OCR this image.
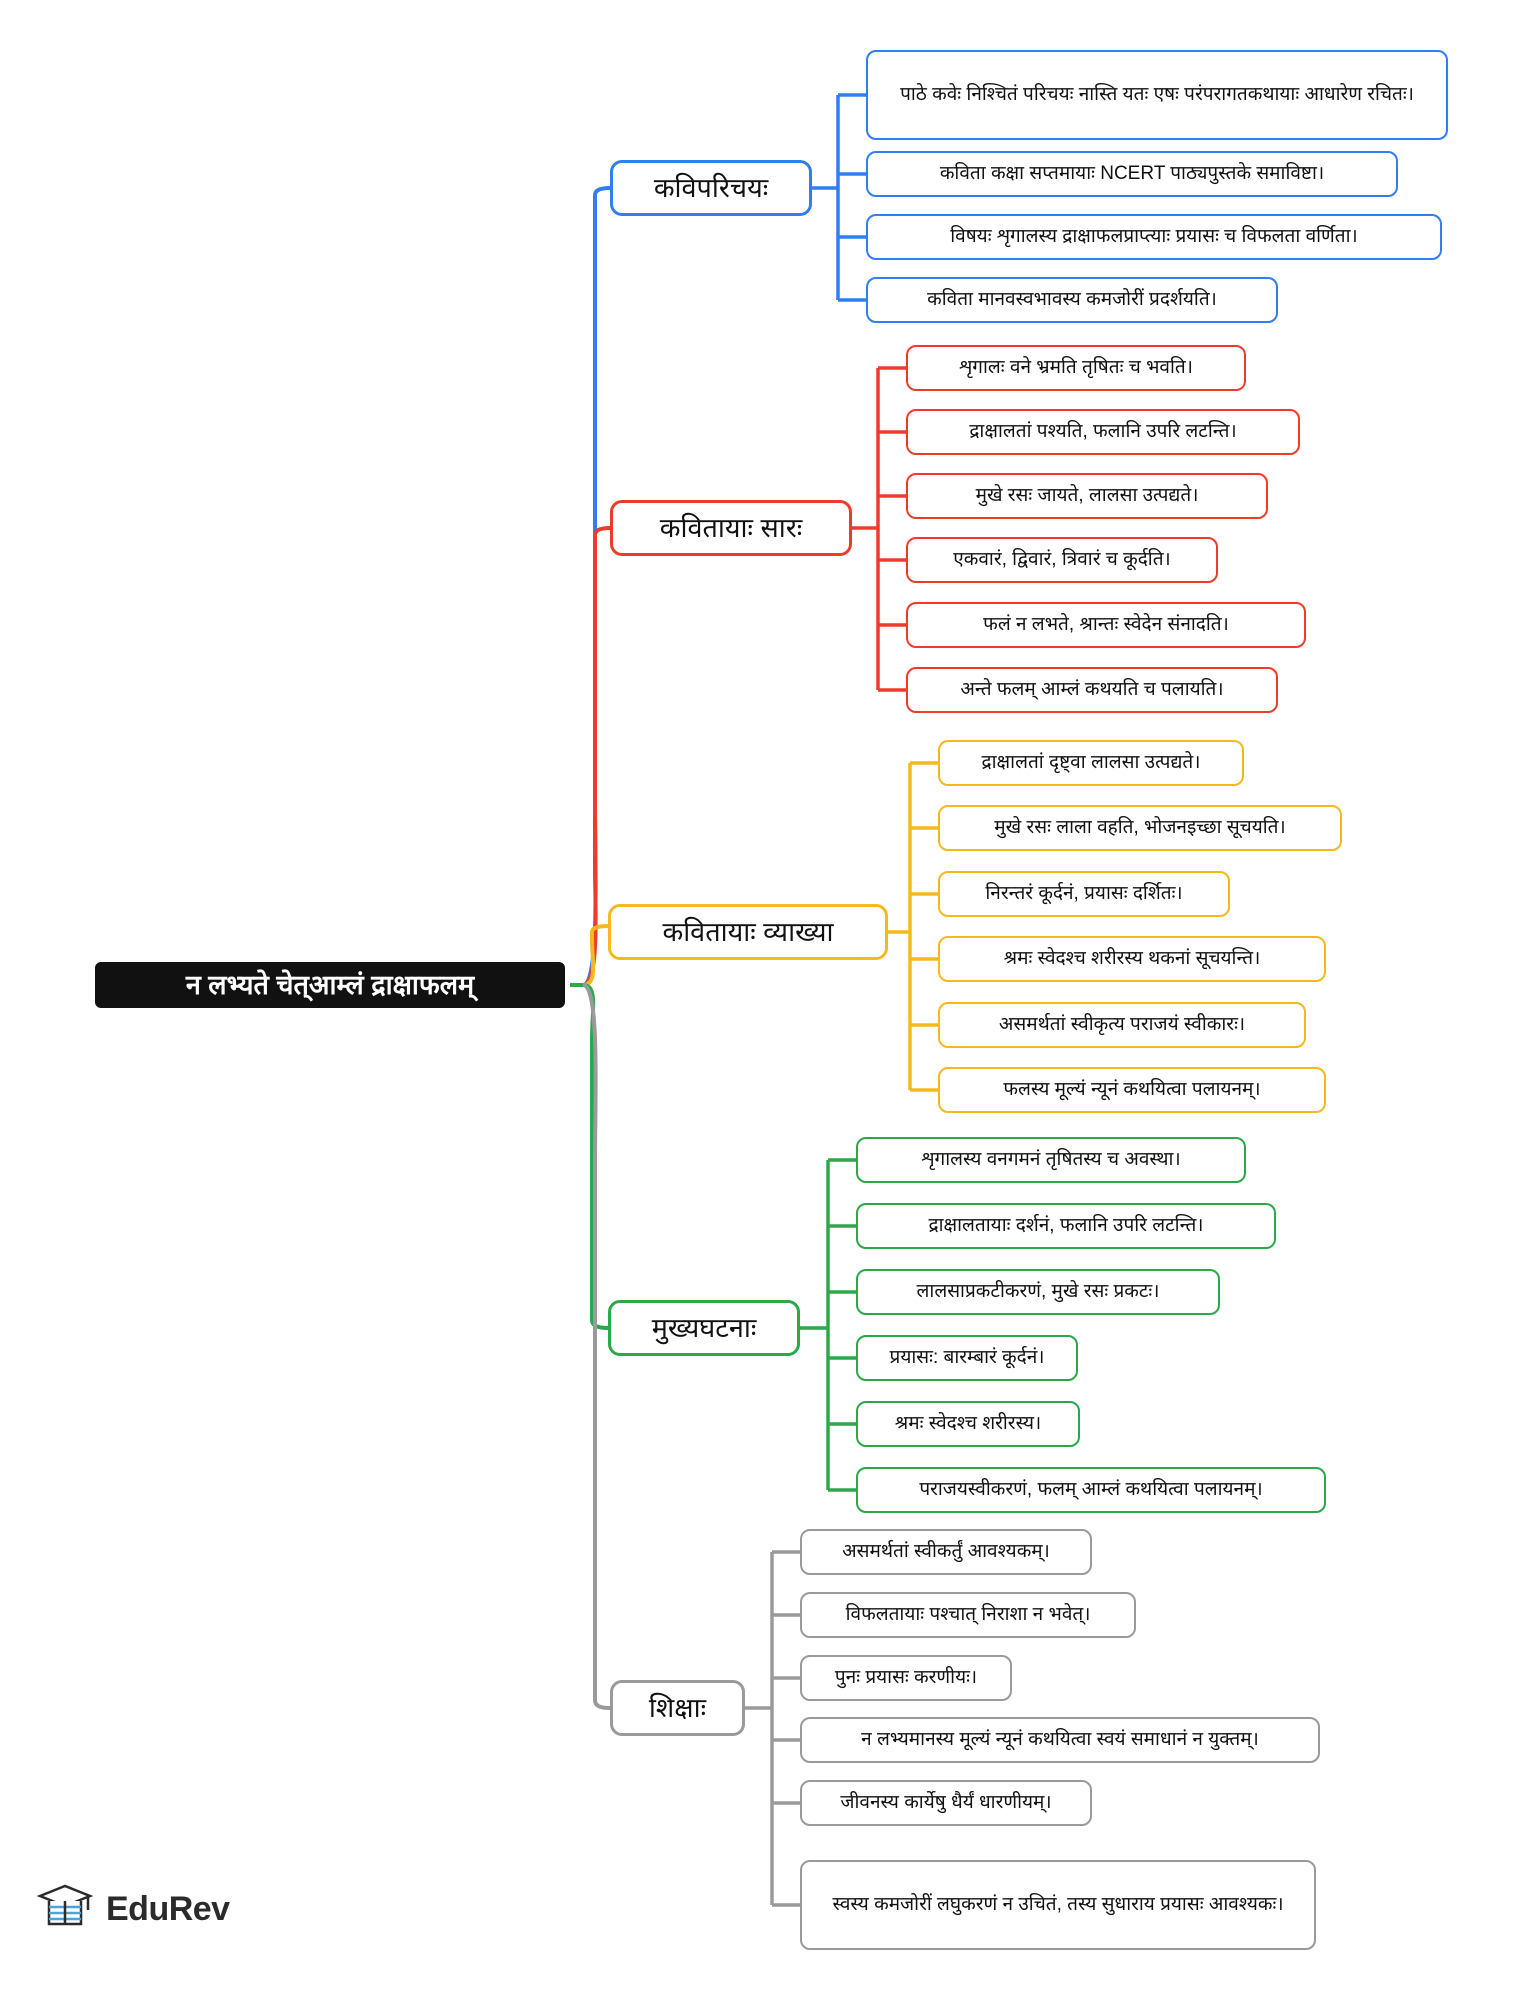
न लभ्यते चेत्आम्लं द्राक्षाफलम्
कविपरिचयः
पाठे कवेः निश्चितं परिचयः नास्ति यतः एषः परंपरागतकथायाः आधारेण रचितः।
कविता कक्षा सप्तमायाः NCERT पाठ्यपुस्तके समाविष्टा।
विषयः शृगालस्य द्राक्षाफलप्राप्त्याः प्रयासः च विफलता वर्णिता।
कविता मानवस्वभावस्य कमजोरीं प्रदर्शयति।
कवितायाः सारः
शृगालः वने भ्रमति तृषितः च भवति।
द्राक्षालतां पश्यति, फलानि उपरि लटन्ति।
मुखे रसः जायते, लालसा उत्पद्यते।
एकवारं, द्विवारं, त्रिवारं च कूर्दति।
फलं न लभते, श्रान्तः स्वेदेन संनादति।
अन्ते फलम् आम्लं कथयति च पलायति।
कवितायाः व्याख्या
द्राक्षालतां दृष्ट्वा लालसा उत्पद्यते।
मुखे रसः लाला वहति, भोजनइच्छा सूचयति।
निरन्तरं कूर्दनं, प्रयासः दर्शितः।
श्रमः स्वेदश्च शरीरस्य थकनां सूचयन्ति।
असमर्थतां स्वीकृत्य पराजयं स्वीकारः।
फलस्य मूल्यं न्यूनं कथयित्वा पलायनम्।
मुख्यघटनाः
शृगालस्य वनगमनं तृषितस्य च अवस्था।
द्राक्षालतायाः दर्शनं, फलानि उपरि लटन्ति।
लालसाप्रकटीकरणं, मुखे रसः प्रकटः।
प्रयासः: बारम्बारं कूर्दनं।
श्रमः स्वेदश्च शरीरस्य।
पराजयस्वीकरणं, फलम् आम्लं कथयित्वा पलायनम्।
शिक्षाः
असमर्थतां स्वीकर्तुं आवश्यकम्।
विफलतायाः पश्चात् निराशा न भवेत्।
पुनः प्रयासः करणीयः।
न लभ्यमानस्य मूल्यं न्यूनं कथयित्वा स्वयं समाधानं न युक्तम्।
जीवनस्य कार्येषु धैर्यं धारणीयम्।
स्वस्य कमजोरीं लघुकरणं न उचितं, तस्य सुधाराय प्रयासः आवश्यकः।
EduRev
